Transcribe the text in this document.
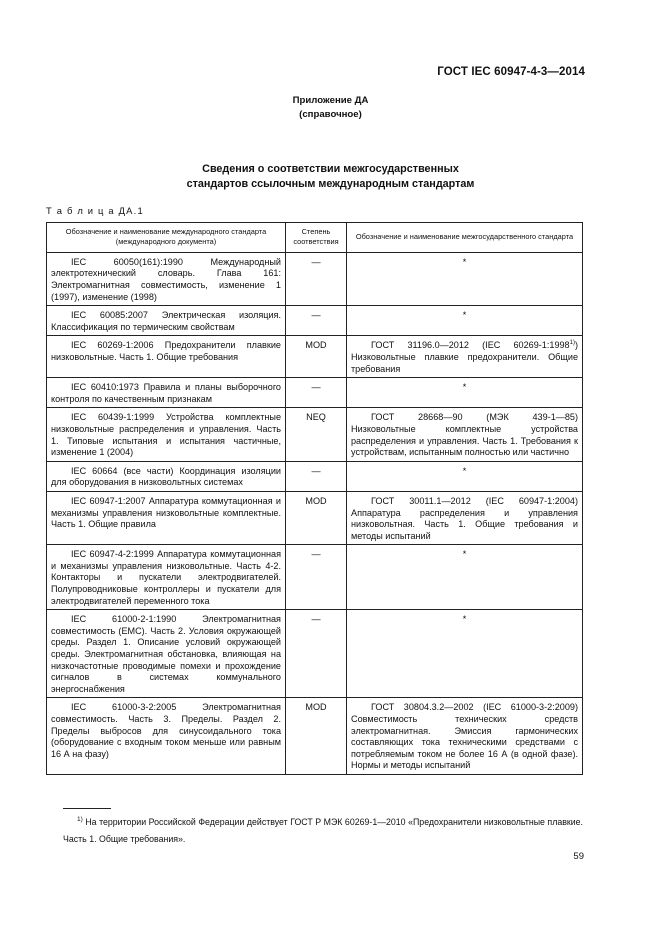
ГОСТ IEC 60947-4-3—2014
Приложение ДА
(справочное)
Сведения о соответствии межгосударственных
стандартов ссылочным международным стандартам
Т а б л и ц а ДА.1
Обозначение и наименование международного стандарта (международного документа)	Степень соответствия	Обозначение и наименование межгосударственного стандарта
IEC 60050(161):1990 Международный электротехнический словарь. Глава 161: Электромагнитная совместимость, изменение 1 (1997), изменение (1998)	—	*
IEC 60085:2007 Электрическая изоляция. Классификация по термическим свойствам	—	*
IEC 60269-1:2006 Предохранители плавкие низковольтные. Часть 1. Общие требования	MOD	ГОСТ 31196.0—2012 (IEC 60269-1:1998$^{1)}$) Низковольтные плавкие предохранители. Общие требования
IEC 60410:1973 Правила и планы выборочного контроля по качественным признакам	—	*
IEC 60439-1:1999 Устройства комплектные низковольтные распределения и управления. Часть 1. Типовые испытания и испытания частичные, изменение 1 (2004)	NEQ	ГОСТ 28668—90 (МЭК 439-1—85) Низковольтные комплектные устройства распределения и управления. Часть 1. Требования к устройствам, испытанным полностью или частично
IEC 60664 (все части) Координация изоляции для оборудования в низковольтных системах	—	*
IEC 60947-1:2007 Аппаратура коммутационная и механизмы управления низковольтные комплектные. Часть 1. Общие правила	MOD	ГОСТ 30011.1—2012 (IEC 60947-1:2004) Аппаратура распределения и управления низковольтная. Часть 1. Общие требования и методы испытаний
IEC 60947-4-2:1999 Аппаратура коммутационная и механизмы управления низковольтные. Часть 4-2. Контакторы и пускатели электродвигателей. Полупроводниковые контроллеры и пускатели для электродвигателей переменного тока	—	*
IEC 61000-2-1:1990 Электромагнитная совместимость (EMC). Часть 2. Условия окружающей среды. Раздел 1. Описание условий окружающей среды. Электромагнитная обстановка, влияющая на низкочастотные проводимые помехи и прохождение сигналов в системах коммунального энергоснабжения	—	*
IEC 61000-3-2:2005 Электромагнитная совместимость. Часть 3. Пределы. Раздел 2. Пределы выбросов для синусоидального тока (оборудование с входным током меньше или равным 16 А на фазу)	MOD	ГОСТ 30804.3.2—2002 (IEC 61000-3-2:2009) Совместимость технических средств электромагнитная. Эмиссия гармонических составляющих тока техническими средствами с потребляемым током не более 16 А (в одной фазе). Нормы и методы испытаний
$^{1)}$ На территории Российской Федерации действует ГОСТ Р МЭК 60269-1—2010 «Предохранители низковольтные плавкие. Часть 1. Общие требования».
59
